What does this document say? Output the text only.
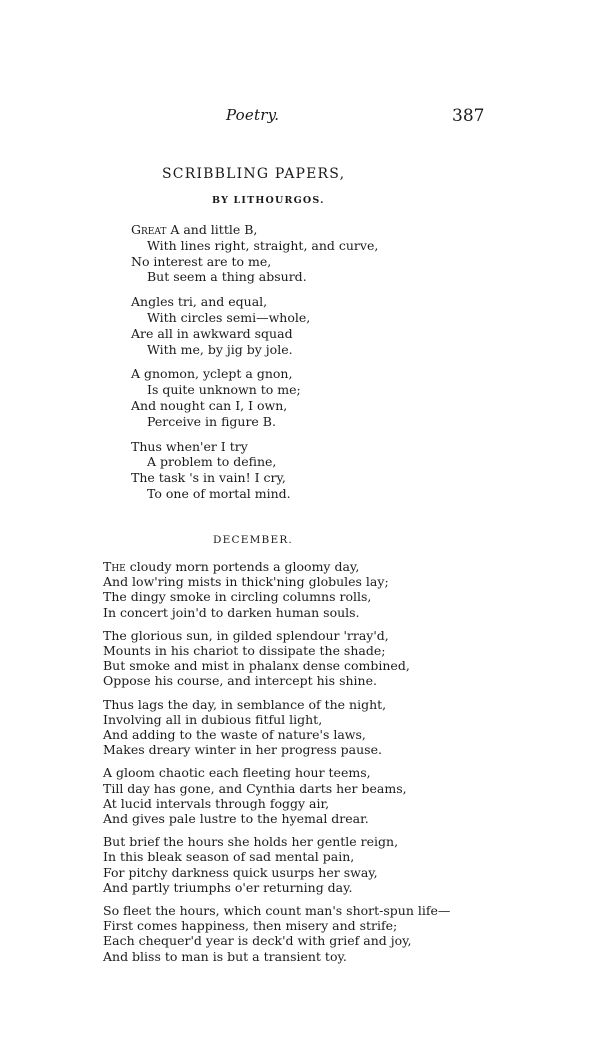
Poetry.	387
SCRIBBLING PAPERS,
BY LITHOURGOS.
Great A and little B,
With lines right, straight, and curve,
No interest are to me,
But seem a thing absurd.
Angles tri, and equal,
With circles semi—whole,
Are all in awkward squad
With me, by jig by jole.
A gnomon, yclept a gnon,
Is quite unknown to me;
And nought can I, I own,
Perceive in figure B.
Thus when'er I try
A problem to define,
The task 's in vain! I cry,
To one of mortal mind.
DECEMBER.
The cloudy morn portends a gloomy day,
And low'ring mists in thick'ning globules lay;
The dingy smoke in circling columns rolls,
In concert join'd to darken human souls.
The glorious sun, in gilded splendour 'rray'd,
Mounts in his chariot to dissipate the shade;
But smoke and mist in phalanx dense combined,
Oppose his course, and intercept his shine.
Thus lags the day, in semblance of the night,
Involving all in dubious fitful light,
And adding to the waste of nature's laws,
Makes dreary winter in her progress pause.
A gloom chaotic each fleeting hour teems,
Till day has gone, and Cynthia darts her beams,
At lucid intervals through foggy air,
And gives pale lustre to the hyemal drear.
But brief the hours she holds her gentle reign,
In this bleak season of sad mental pain,
For pitchy darkness quick usurps her sway,
And partly triumphs o'er returning day.
So fleet the hours, which count man's short-spun life—
First comes happiness, then misery and strife;
Each chequer'd year is deck'd with grief and joy,
And bliss to man is but a transient toy.
